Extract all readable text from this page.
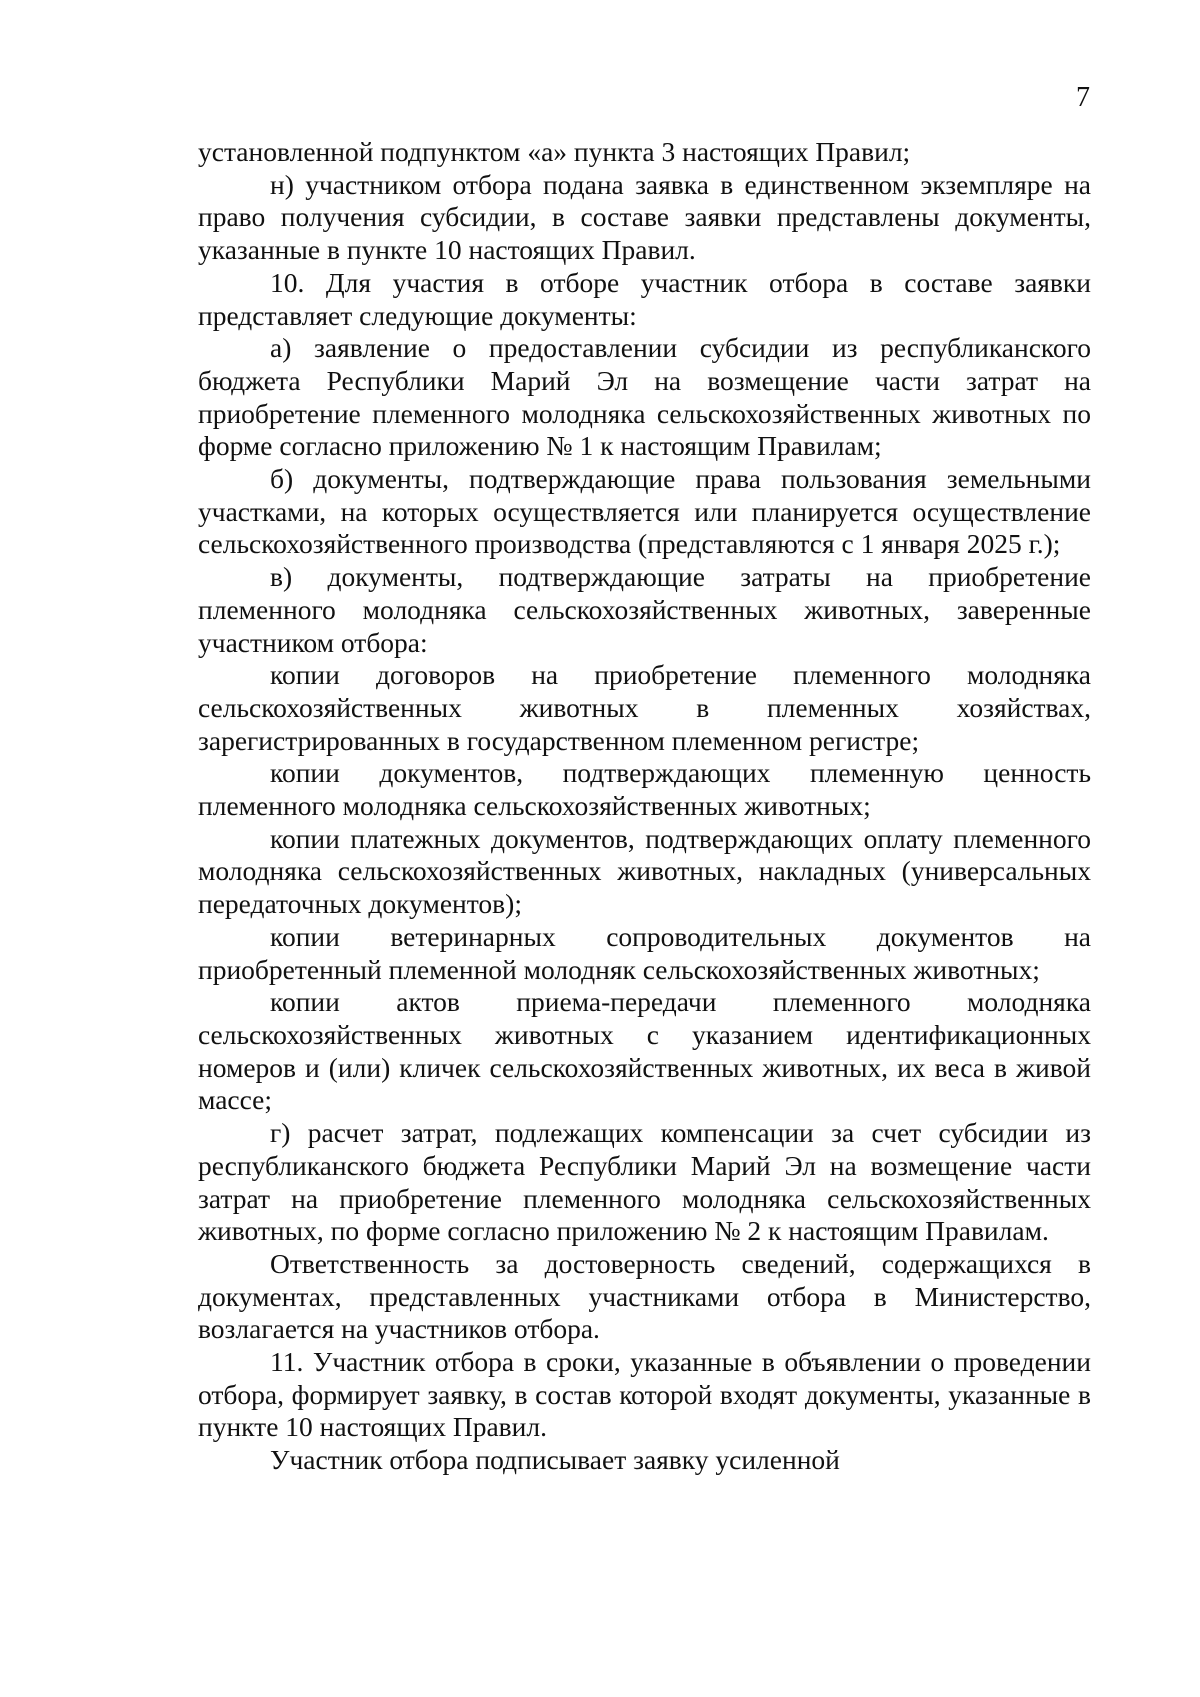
7

установленной подпунктом «а» пункта 3 настоящих Правил;

н) участником отбора подана заявка в единственном экземпляре на право получения субсидии, в составе заявки представлены документы, указанные в пункте 10 настоящих Правил.

10. Для участия в отборе участник отбора в составе заявки представляет следующие документы:

а) заявление о предоставлении субсидии из республиканского бюджета Республики Марий Эл на возмещение части затрат на приобретение племенного молодняка сельскохозяйственных животных по форме согласно приложению № 1 к настоящим Правилам;

б) документы, подтверждающие права пользования земельными участками, на которых осуществляется или планируется осуществление сельскохозяйственного производства (представляются с 1 января 2025 г.);

в) документы, подтверждающие затраты на приобретение племенного молодняка сельскохозяйственных животных, заверенные участником отбора:

копии договоров на приобретение племенного молодняка сельскохозяйственных животных в племенных хозяйствах, зарегистрированных в государственном племенном регистре;

копии документов, подтверждающих племенную ценность племенного молодняка сельскохозяйственных животных;

копии платежных документов, подтверждающих оплату племенного молодняка сельскохозяйственных животных, накладных (универсальных передаточных документов);

копии ветеринарных сопроводительных документов на приобретенный племенной молодняк сельскохозяйственных животных;

копии актов приема-передачи племенного молодняка сельскохозяйственных животных с указанием идентификационных номеров и (или) кличек сельскохозяйственных животных, их веса в живой массе;

г) расчет затрат, подлежащих компенсации за счет субсидии из республиканского бюджета Республики Марий Эл на возмещение части затрат на приобретение племенного молодняка сельскохозяйственных животных, по форме согласно приложению № 2 к настоящим Правилам.

Ответственность за достоверность сведений, содержащихся в документах, представленных участниками отбора в Министерство, возлагается на участников отбора.

11. Участник отбора в сроки, указанные в объявлении о проведении отбора, формирует заявку, в состав которой входят документы, указанные в пункте 10 настоящих Правил.

Участник отбора подписывает заявку усиленной
